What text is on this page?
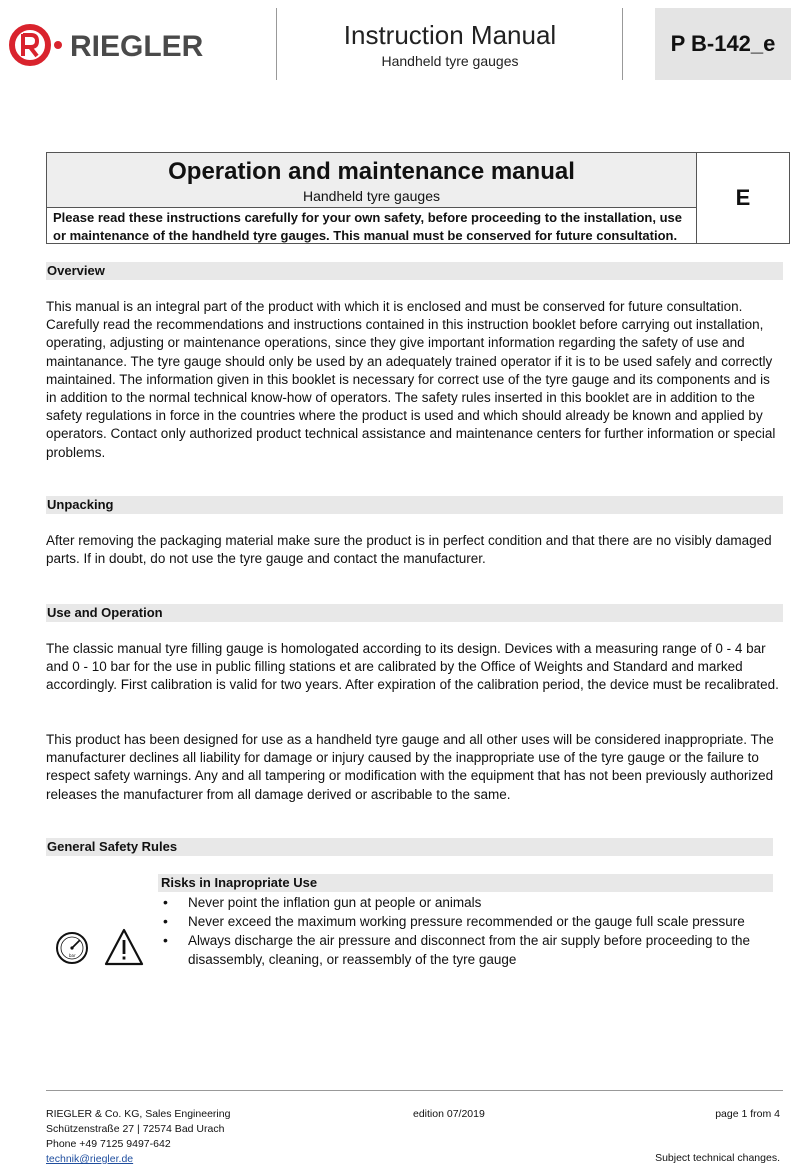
RIEGLER	Instruction Manual
Handheld tyre gauges
P B-142_e
Operation and maintenance manual
Handheld tyre gauges
Please read these instructions carefully for your own safety, before proceeding to the installation, use or maintenance of the handheld tyre gauges. This manual must be conserved for future consultation.
E
Overview
This manual is an integral part of the product with which it is enclosed and must be conserved for future consultation. Carefully read the recommendations and instructions contained in this instruction booklet before carrying out installation, operating, adjusting or maintenance operations, since they give important information regarding the safety of use and maintanance. The tyre gauge should only be used by an adequately trained operator if it is to be used safely and correctly maintained. The information given in this booklet is necessary for correct use of the tyre gauge and its components and is in addition to the normal technical know-how of operators. The safety rules inserted in this booklet are in addition to the safety regulations in force in the countries where the product is used and which should already be known and applied by operators. Contact only authorized product technical assistance and maintenance centers for further information or special problems.
Unpacking
After removing the packaging material make sure the product is in perfect condition and that there are no visibly damaged parts. If in doubt, do not use the tyre gauge and contact the manufacturer.
Use and Operation
The classic manual tyre filling gauge is homologated according to its design. Devices with a measuring range of 0 - 4 bar and 0 - 10 bar for the use in public filling stations et are calibrated by the Office of Weights and Standard and marked accordingly. First calibration is valid for two years. After expiration of the calibration period, the device must be recalibrated.
This product has been designed for use as a handheld tyre gauge and all other uses will be considered inappropriate. The manufacturer declines all liability for damage or injury caused by the inappropriate use of the tyre gauge or the failure to respect safety warnings. Any and all tampering or modification with the equipment that has not been previously authorized releases the manufacturer from all damage derived or ascribable to the same.
General Safety Rules
Risks in Inapropriate Use
• Never point the inflation gun at people or animals
• Never exceed the maximum working pressure recommended or the gauge full scale pressure
• Always discharge the air pressure and disconnect from the air supply before proceeding to the disassembly, cleaning, or reassembly of the tyre gauge
bar
RIEGLER & Co. KG, Sales Engineering
Schützenstraße 27 | 72574 Bad Urach
Phone +49 7125 9497-642
technik@riegler.de
edition 07/2019	page 1 from 4
Subject technical changes.
